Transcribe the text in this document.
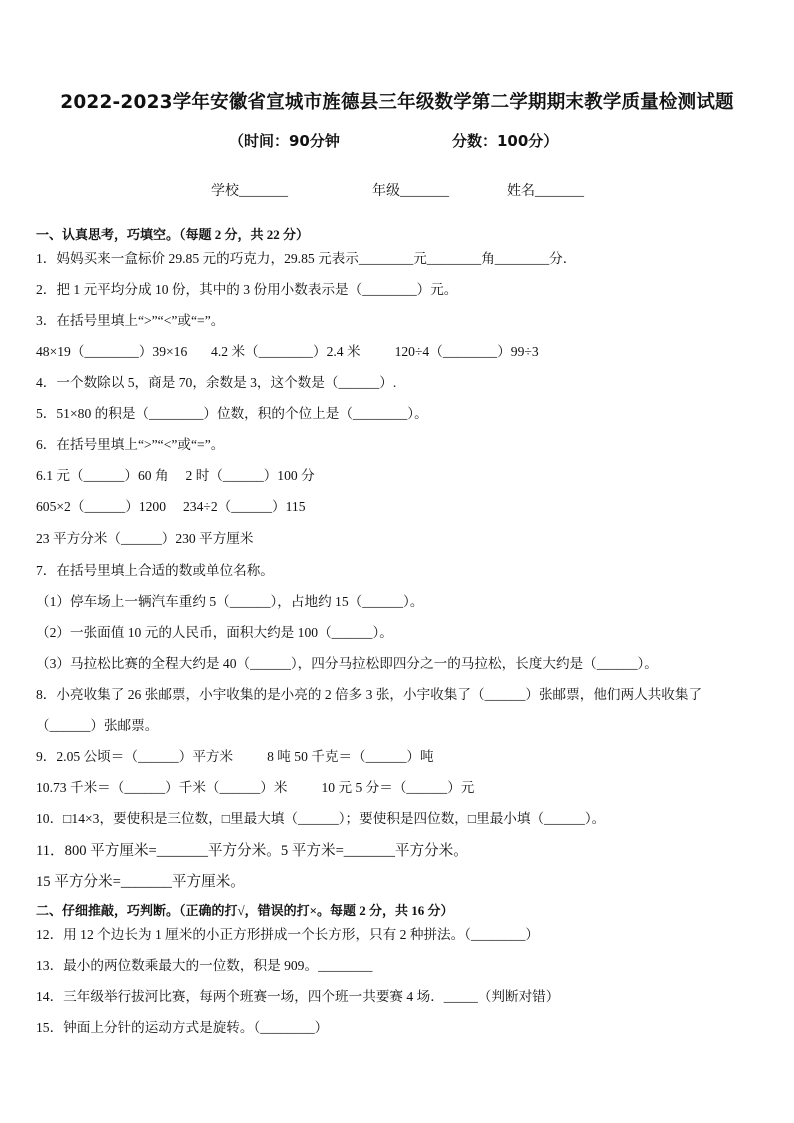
2022-2023学年安徽省宣城市旌德县三年级数学第二学期期末教学质量检测试题
（时间：90分钟	分数：100分）
学校_______	年级_______	姓名_______
一、认真思考，巧填空。（每题 2 分，共 22 分）
1．妈妈买来一盒标价 29.85 元的巧克力，29.85 元表示________元________角________分．
2．把 1 元平均分成 10 份，其中的 3 份用小数表示是（________）元。
3．在括号里填上“>”“<”或“=”。
48×19（________）39×16       4.2 米（________）2.4 米          120÷4（________）99÷3
4．一个数除以 5，商是 70，余数是 3，这个数是（______）.
5．51×80 的积是（________）位数，积的个位上是（________）。
6．在括号里填上“>”“<”或“=”。
6.1 元（______）60 角     2 时（______）100 分
605×2（______）1200     234÷2（______）115
23 平方分米（______）230 平方厘米
7．在括号里填上合适的数或单位名称。
（1）停车场上一辆汽车重约 5（______），占地约 15（______）。
（2）一张面值 10 元的人民币，面积大约是 100（______）。
（3）马拉松比赛的全程大约是 40（______），四分马拉松即四分之一的马拉松，长度大约是（______）。
8．小亮收集了 26 张邮票，小宇收集的是小亮的 2 倍多 3 张，小宇收集了（______）张邮票，他们两人共收集了
（______）张邮票。
9．2.05 公顷＝（______）平方米          8 吨 50 千克＝（______）吨
10.73 千米＝（______）千米（______）米          10 元 5 分＝（______）元
10．□14×3，要使积是三位数，□里最大填（______）；要使积是四位数，□里最小填（______）。
11．800 平方厘米=_______平方分米。5 平方米=_______平方分米。
15 平方分米=_______平方厘米。
二、仔细推敲，巧判断。（正确的打√，错误的打×。每题 2 分，共 16 分）
12．用 12 个边长为 1 厘米的小正方形拼成一个长方形，只有 2 种拼法。（________）
13．最小的两位数乘最大的一位数，积是 909。________
14．三年级举行拔河比赛，每两个班赛一场，四个班一共要赛 4 场．_____（判断对错）
15．钟面上分针的运动方式是旋转。（________）
